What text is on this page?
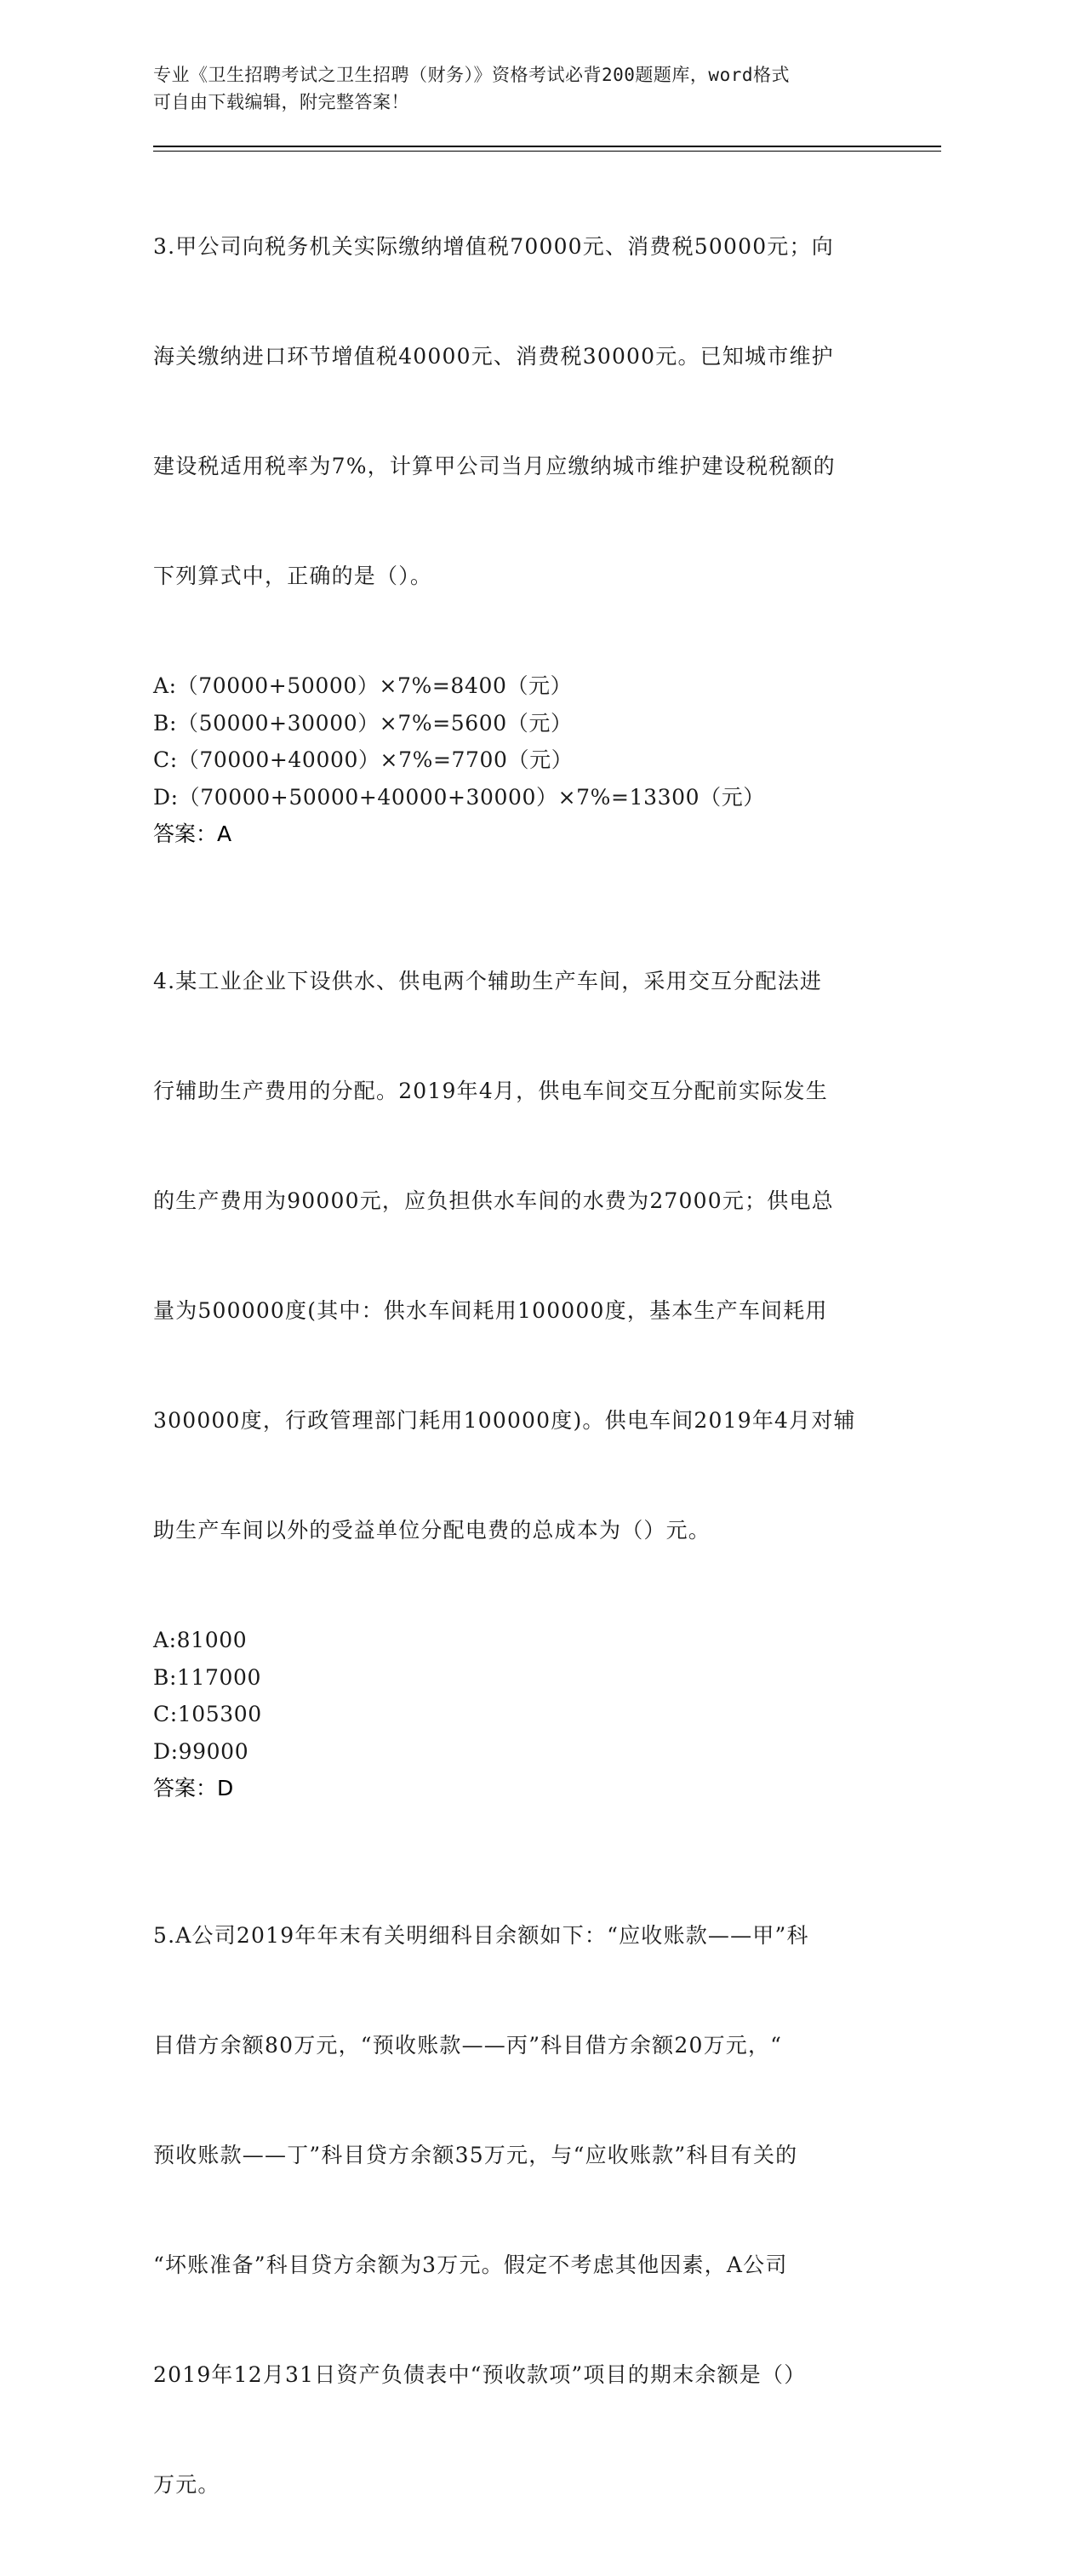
专业《卫生招聘考试之卫生招聘（财务）》资格考试必背200题题库，word格式
可自由下载编辑，附完整答案！

3.甲公司向税务机关实际缴纳增值税70000元、消费税50000元；向

海关缴纳进口环节增值税40000元、消费税30000元。已知城市维护

建设税适用税率为7%，计算甲公司当月应缴纳城市维护建设税税额的

下列算式中，正确的是（）。

A:（70000+50000）×7%=8400（元）
B:（50000+30000）×7%=5600（元）
C:（70000+40000）×7%=7700（元）
D:（70000+50000+40000+30000）×7%=13300（元）
答案：A

4.某工业企业下设供水、供电两个辅助生产车间，采用交互分配法进

行辅助生产费用的分配。2019年4月，供电车间交互分配前实际发生

的生产费用为90000元，应负担供水车间的水费为27000元；供电总

量为500000度(其中：供水车间耗用100000度，基本生产车间耗用

300000度，行政管理部门耗用100000度)。供电车间2019年4月对辅

助生产车间以外的受益单位分配电费的总成本为（）元。

A:81000
B:117000
C:105300
D:99000
答案：D

5.A公司2019年年末有关明细科目余额如下：“应收账款——甲”科

目借方余额80万元，“预收账款——丙”科目借方余额20万元，“

预收账款——丁”科目贷方余额35万元，与“应收账款”科目有关的

“坏账准备”科目贷方余额为3万元。假定不考虑其他因素，A公司

2019年12月31日资产负债表中“预收款项”项目的期末余额是（）

万元。
